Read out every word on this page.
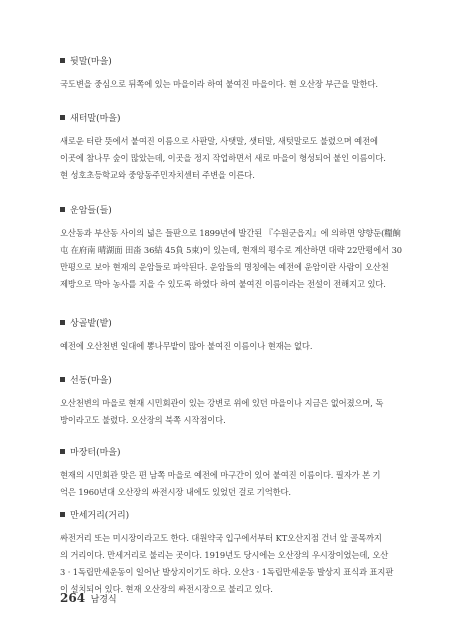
뒷말(마을)
국도변을 중심으로 뒤쪽에 있는 마을이라 하여 붙여진 마을이다. 현 오산장 부근을 말한다.
새터말(마을)
새로운 터란 뜻에서 붙여진 이름으로 사판말, 사탯말, 샛터말, 새텃말로도 불렸으며 예전에
이곳에 참나무 숲이 많았는데, 이곳을 정지 작업하면서 새로 마을이 형성되어 붙인 이름이다.
현 성호초등학교와 중앙동주민자치센터 주변을 이른다.
운암들(들)
오산동과 부산동 사이의 넓은 들판으로 1899년에 발간된 『수원군읍지』에 의하면 양향둔(糧餉
屯 在府南 晴湖面 田畓 36結 45負 5束)이 있는데, 현재의 평수로 계산하면 대략 22만평에서 30
만평으로 보아 현재의 운암들로 파악된다. 운암들의 명칭에는 예전에 운암이란 사람이 오산천
제방으로 막아 농사를 지을 수 있도록 하였다 하여 붙여진 이름이라는 전설이 전해지고 있다.
상골밭(밭)
예전에 오산천변 일대에 뽕나무밭이 많아 붙여진 이름이나 현재는 없다.
선동(마을)
오산천변의 마을로 현재 시민회관이 있는 강변로 위에 있던 마을이나 지금은 없어졌으며, 독
방이라고도 불렸다. 오산장의 북쪽 시작점이다.
마장터(마을)
현재의 시민회관 맞은 편 남쪽 마을로 예전에 마구간이 있어 붙여진 이름이다. 필자가 본 기
억은 1960년대 오산장의 싸전시장 내에도 있었던 걸로 기억한다.
만세거리(거리)
싸전거리 또는 미시장이라고도 한다. 대원약국 입구에서부터 KT오산지점 건너 앞 골목까지
의 거리이다. 만세거리로 불리는 곳이다. 1919년도 당시에는 오산장의 우시장이었는데, 오산
3 · 1독립만세운동이 일어난 발상지이기도 하다. 오산3 · 1독립만세운동 발상지 표식과 표지판
이 설치되어 있다. 현재 오산장의 싸전시장으로 불리고 있다.
264 남경식
